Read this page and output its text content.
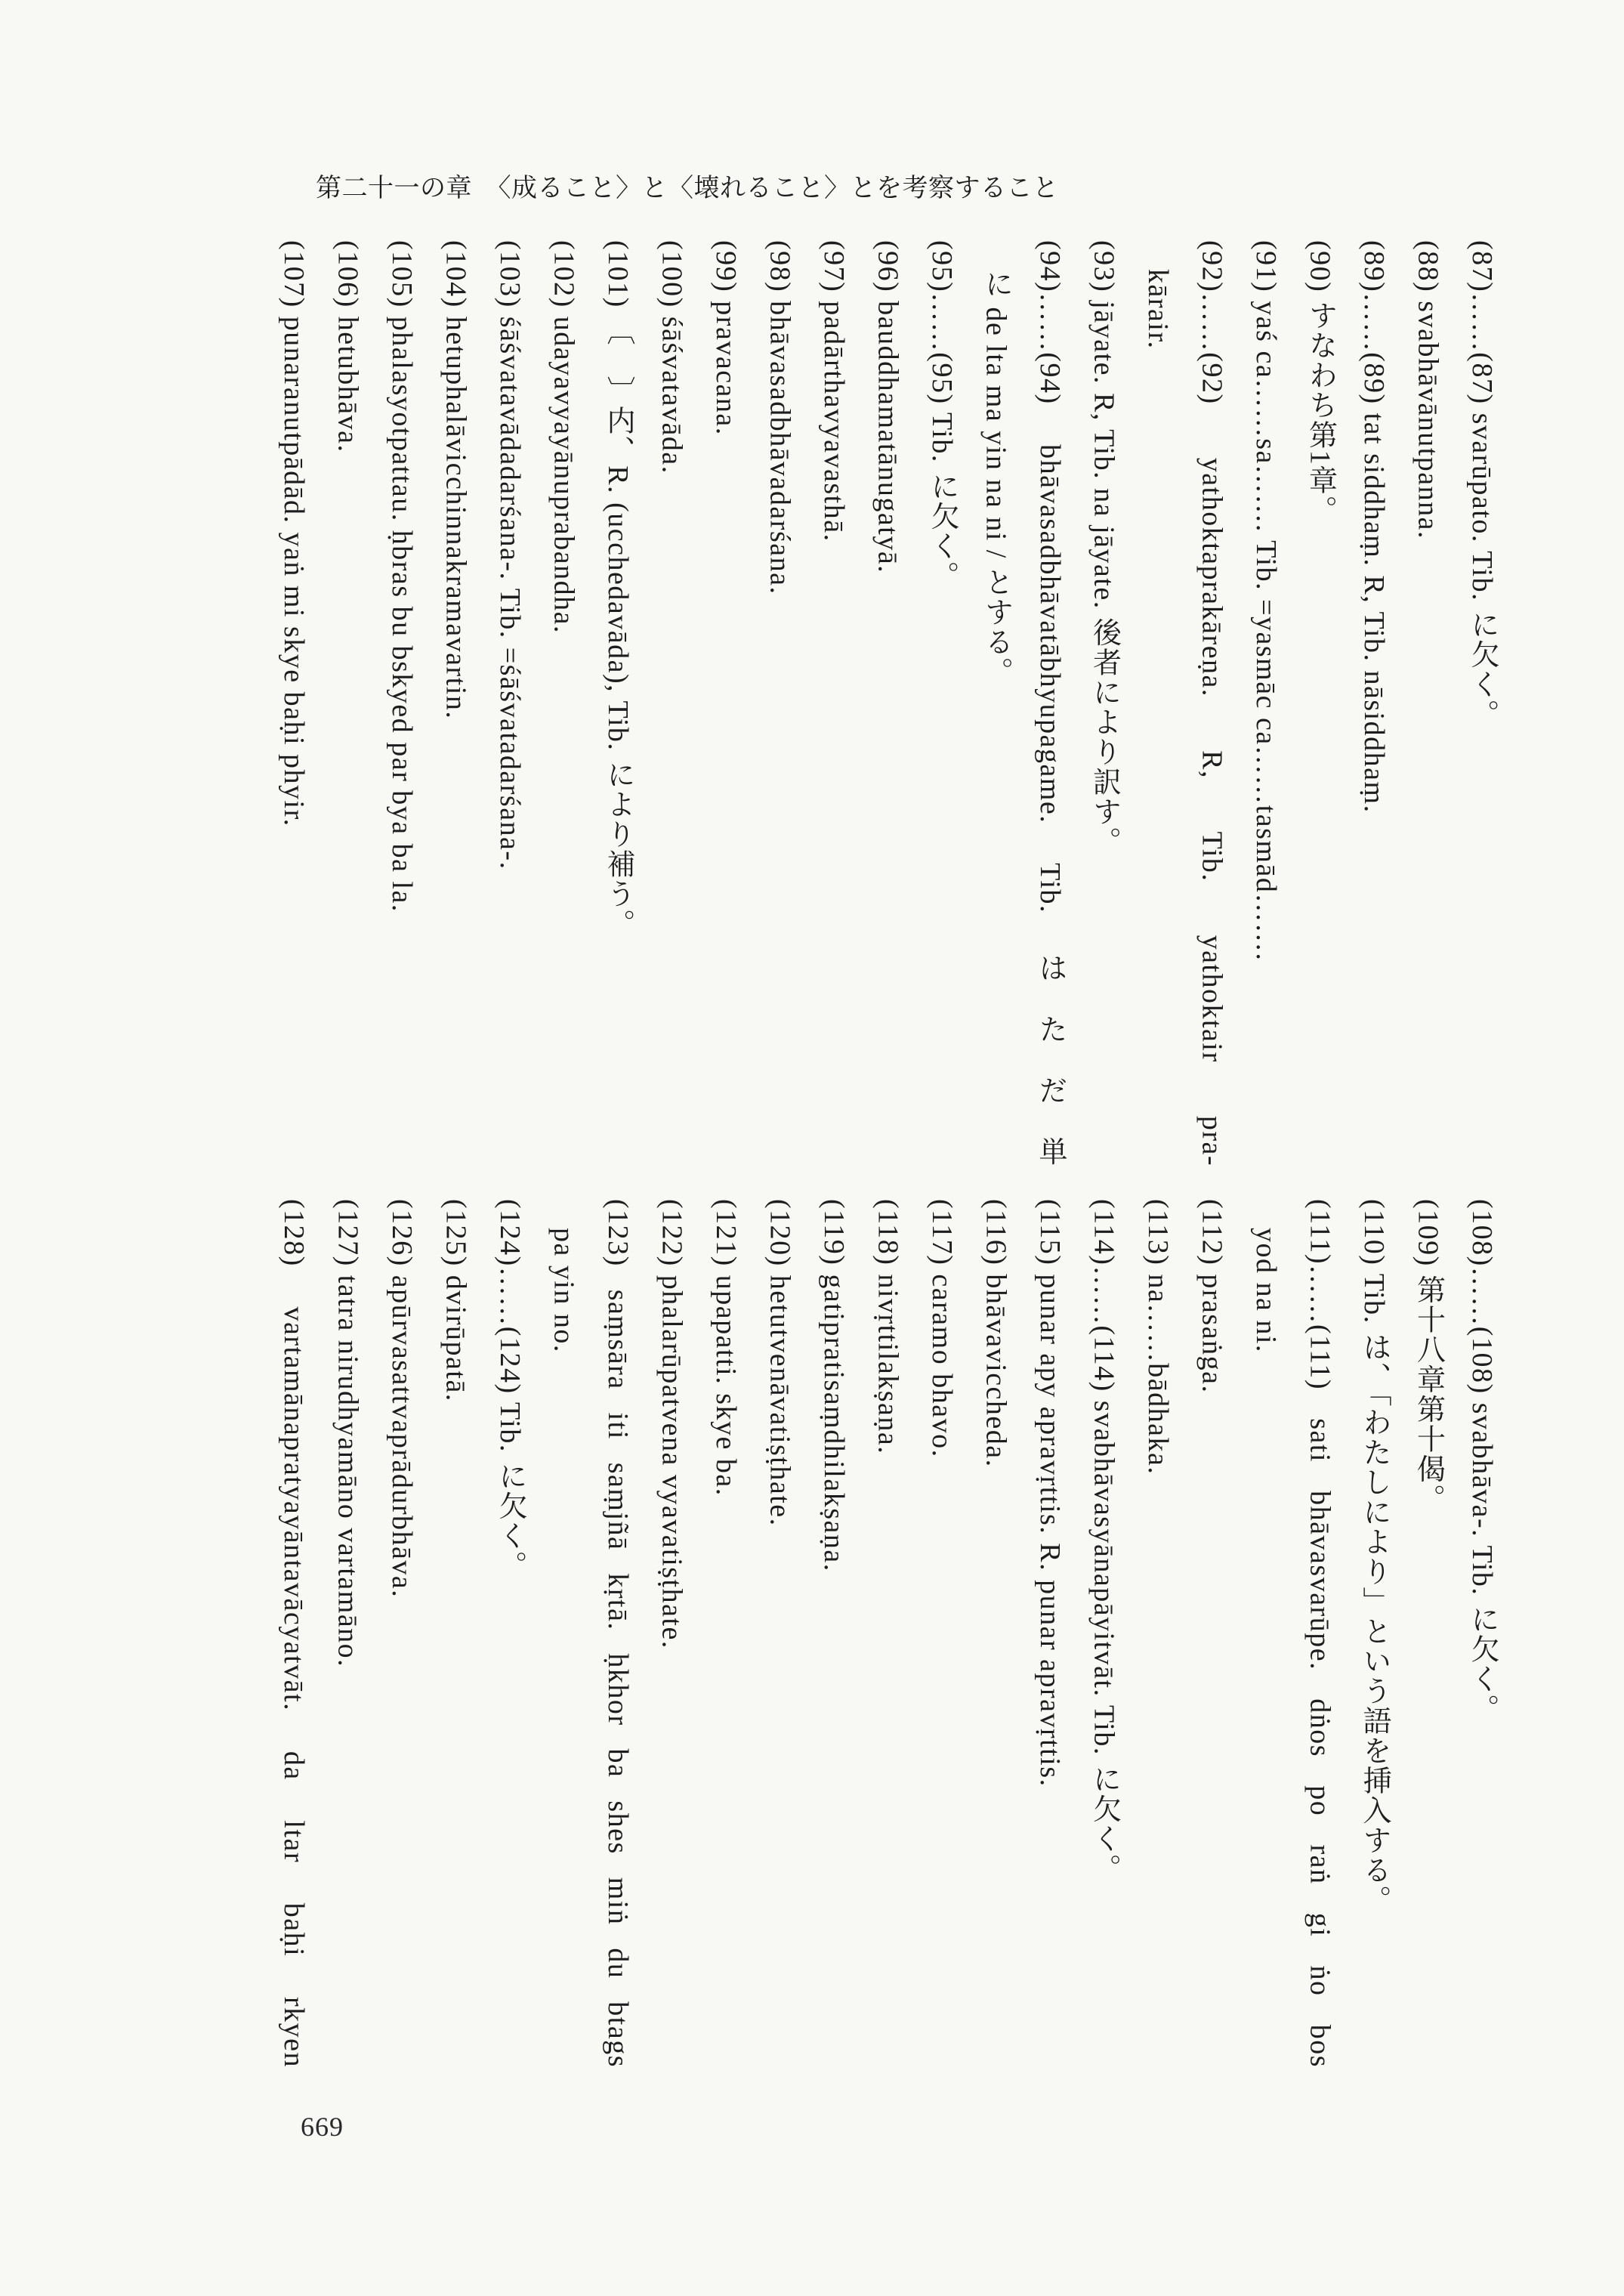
第二十一の章　〈成ること〉と〈壊れること〉とを考察すること
(87)……(87) svarūpato. Tib. に欠く。
(88) svabhāvānutpanna.
(89)……(89) tat siddhaṃ. R, Tib. nāsiddhaṃ.
(90) すなわち第1章。
(91) yaś ca……sa……. Tib. =yasmāc ca……tasmād…….
(92)……(92) yathoktaprakāreṇa. R, Tib. yathoktair pra-
kārair.
(93) jāyate. R, Tib. na jāyate. 後者により訳す。
(94)……(94) bhāvasadbhāvatābhyupagame. Tib. はただ単
に de lta ma yin na ni / とする。
(95)……(95) Tib. に欠く。
(96) bauddhamatānugatyā.
(97) padārthavyavasthā.
(98) bhāvasadbhāvadarśana.
(99) pravacana.
(100) śāśvatavāda.
(101) 〔　〕内、R. (ucchedavāda), Tib. により補う。
(102) udayavyayānuprabandha.
(103) śāśvatavādadarśana-. Tib. =śāśvatadarśana-.
(104) hetuphalāvicchinnakramavartin.
(105) phalasyotpattau. ḥbras bu bskyed par bya ba la.
(106) hetubhāva.
(107) punaranutpādād. yaṅ mi skye baḥi phyir.
(108)……(108) svabhāva-. Tib. に欠く。
(109) 第十八章第十偈。
(110) Tib. は、「わたしにより」という語を挿入する。
(111)……(111) sati bhāvasvarūpe. dṅos po raṅ gi ṅo bos
yod na ni.
(112) prasaṅga.
(113) na……bādhaka.
(114)……(114) svabhāvasyānapāyitvāt. Tib. に欠く。
(115) punar apy apravṛttis. R. punar apravṛttis.
(116) bhāvaviccheda.
(117) caramo bhavo.
(118) nivṛttilakṣaṇa.
(119) gatipratisaṃdhilakṣaṇa.
(120) hetutvenāvatiṣṭhate.
(121) upapatti. skye ba.
(122) phalarūpatvena vyavatiṣṭhate.
(123) saṃsāra iti saṃjñā kṛtā. ḥkhor ba shes miṅ du btags
pa yin no.
(124)……(124) Tib. に欠く。
(125) dvirūpatā.
(126) apūrvasattvaprādurbhāva.
(127) tatra nirudhyamāno vartamāno.
(128) vartamānapratyayāntavācyatvāt. da ltar baḥi rkyen
669
